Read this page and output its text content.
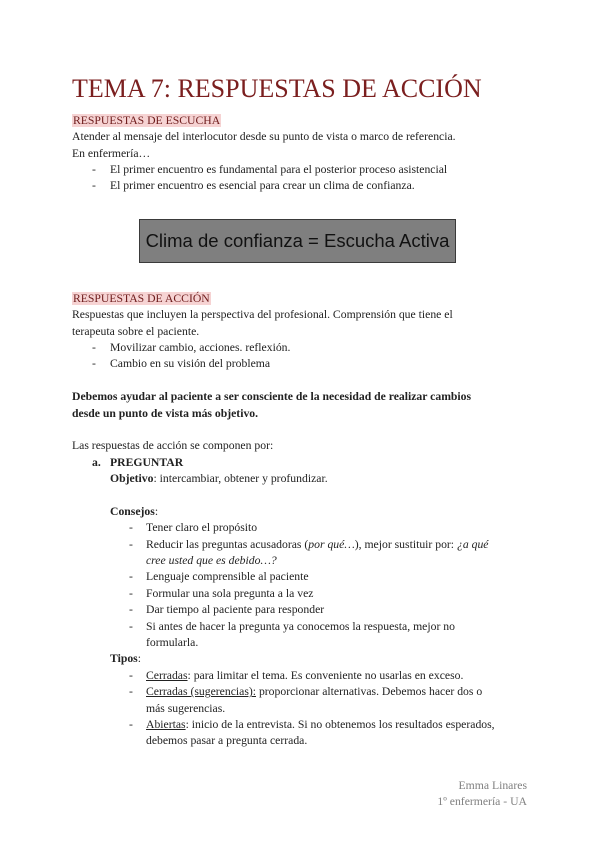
TEMA 7: RESPUESTAS DE ACCIÓN
RESPUESTAS DE ESCUCHA
Atender al mensaje del interlocutor desde su punto de vista o marco de referencia.
En enfermería…
- El primer encuentro es fundamental para el posterior proceso asistencial
- El primer encuentro es esencial para crear un clima de confianza.
Clima de confianza = Escucha Activa
RESPUESTAS DE ACCIÓN
Respuestas que incluyen la perspectiva del profesional. Comprensión que tiene el
terapeuta sobre el paciente.
- Movilizar cambio, acciones. reflexión.
- Cambio en su visión del problema
Debemos ayudar al paciente a ser consciente de la necesidad de realizar cambios
desde un punto de vista más objetivo.
Las respuestas de acción se componen por:
a. PREGUNTAR
Objetivo: intercambiar, obtener y profundizar.
Consejos:
- Tener claro el propósito
- Reducir las preguntas acusadoras (por qué…), mejor sustituir por: ¿a qué
cree usted que es debido…?
- Lenguaje comprensible al paciente
- Formular una sola pregunta a la vez
- Dar tiempo al paciente para responder
- Si antes de hacer la pregunta ya conocemos la respuesta, mejor no
formularla.
Tipos:
- Cerradas: para limitar el tema. Es conveniente no usarlas en exceso.
- Cerradas (sugerencias): proporcionar alternativas. Debemos hacer dos o
más sugerencias.
- Abiertas: inicio de la entrevista. Si no obtenemos los resultados esperados,
debemos pasar a pregunta cerrada.
Emma Linares
1º enfermería - UA
